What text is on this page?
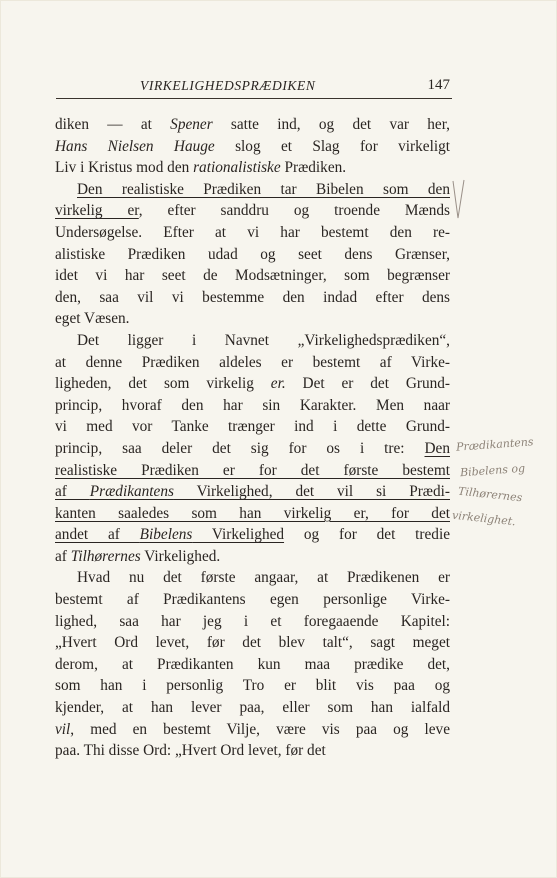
VIRKELIGHEDSPRÆDIKEN	147
diken — at Spener satte ind, og det var her,
Hans Nielsen Hauge slog et Slag for virkeligt
Liv i Kristus mod den rationalistiske Prædiken.
Den realistiske Prædiken tar Bibelen som den
virkelig er, efter sanddru og troende Mænds
Undersøgelse. Efter at vi har bestemt den re-
alistiske Prædiken udad og seet dens Grænser,
idet vi har seet de Modsætninger, som begrænser
den, saa vil vi bestemme den indad efter dens
eget Væsen.
Det ligger i Navnet „Virkelighedsprædiken“,
at denne Prædiken aldeles er bestemt af Virke-
ligheden, det som virkelig er. Det er det Grund-
princip, hvoraf den har sin Karakter. Men naar
vi med vor Tanke trænger ind i dette Grund-
princip, saa deler det sig for os i tre: Den
realistiske Prædiken er for det første bestemt
af Prædikantens Virkelighed, det vil si Prædi-
kanten saaledes som han virkelig er, for det
andet af Bibelens Virkelighed og for det tredie
af Tilhørernes Virkelighed.
Hvad nu det første angaar, at Prædikenen er
bestemt af Prædikantens egen personlige Virke-
lighed, saa har jeg i et foregaaende Kapitel:
„Hvert Ord levet, før det blev talt“, sagt meget
derom, at Prædikanten kun maa prædike det,
som han i personlig Tro er blit vis paa og
kjender, at han lever paa, eller som han ialfald
vil, med en bestemt Vilje, være vis paa og leve
paa. Thi disse Ord: „Hvert Ord levet, før det
Prædikantens
Bibelens og
Tilhørernes
virkelighet.
